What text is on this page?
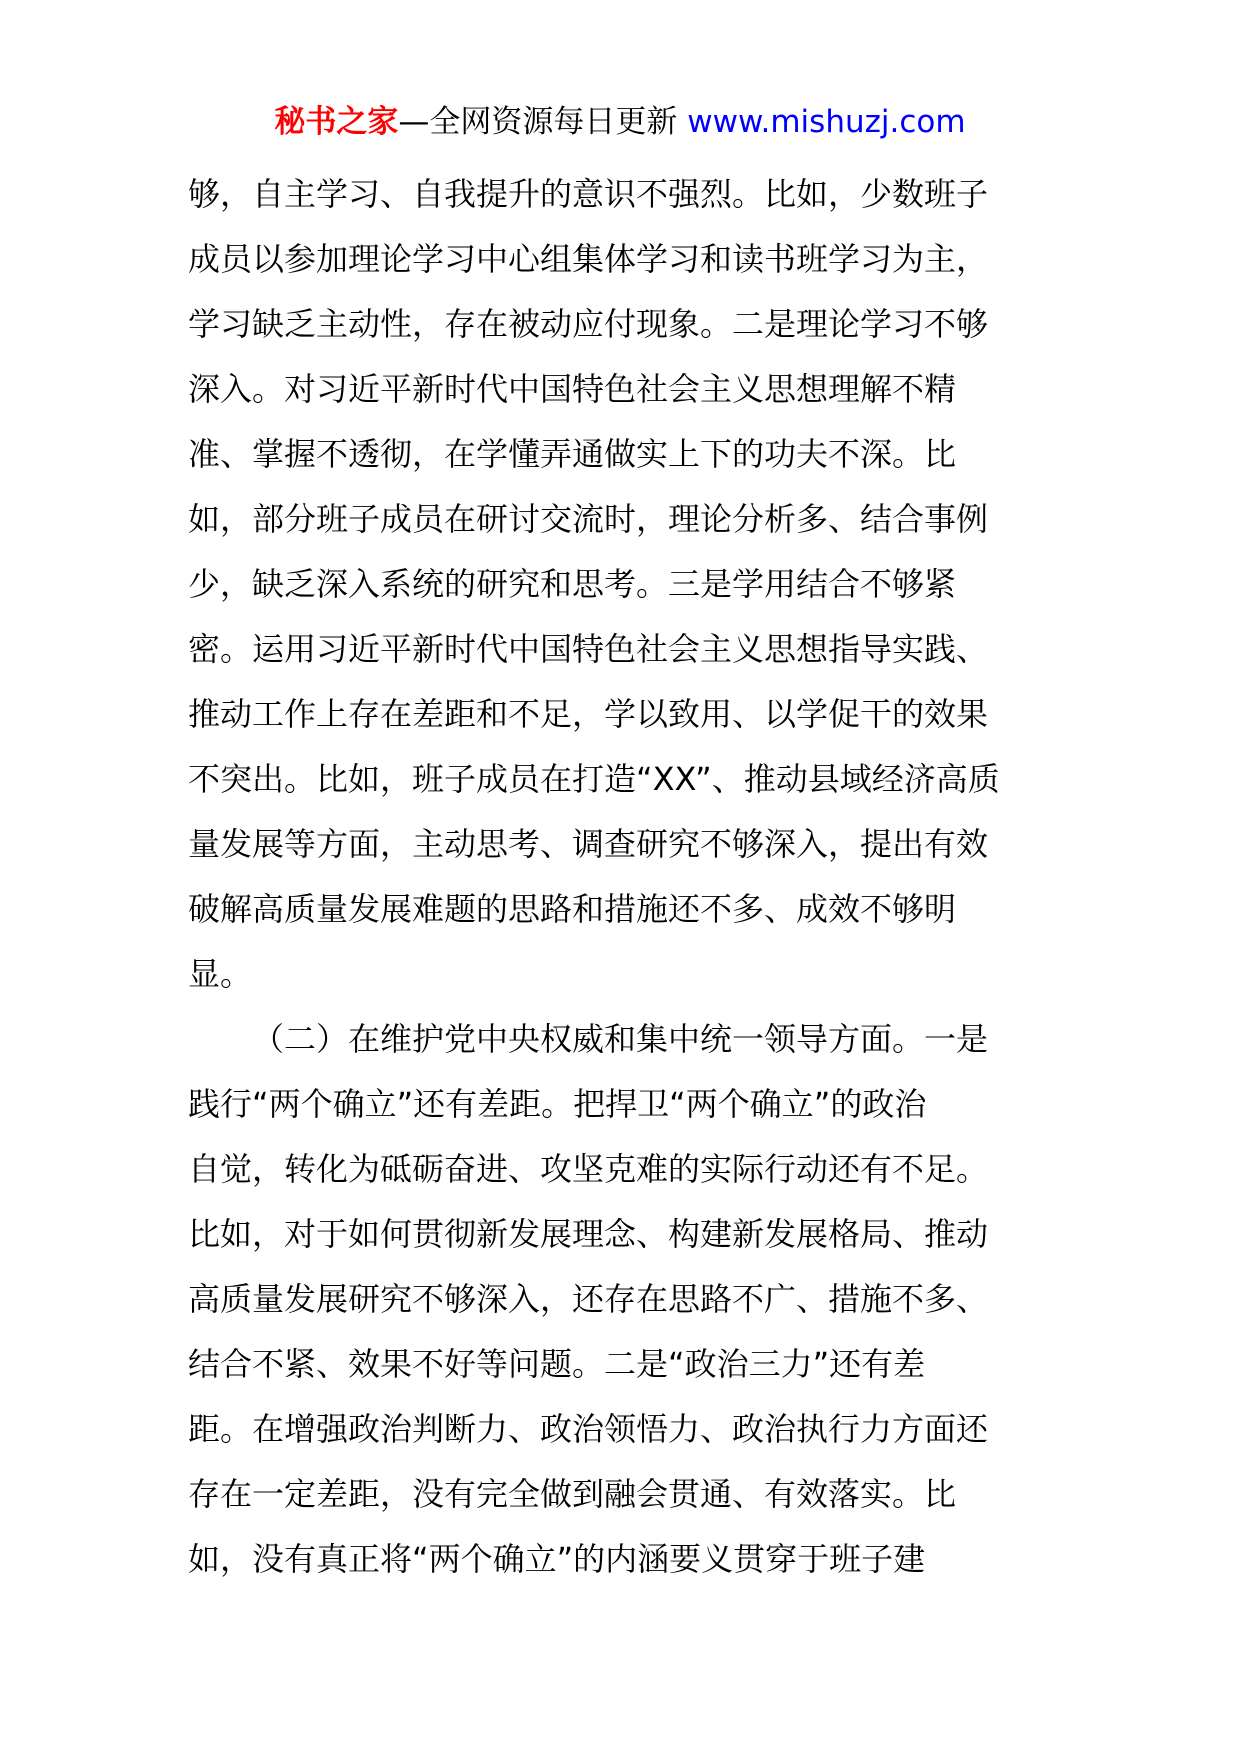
秘书之家—全网资源每日更新 www.mishuzj.com
够，自主学习、自我提升的意识不强烈。比如，少数班子
成员以参加理论学习中心组集体学习和读书班学习为主，
学习缺乏主动性，存在被动应付现象。二是理论学习不够
深入。对习近平新时代中国特色社会主义思想理解不精
准、掌握不透彻，在学懂弄通做实上下的功夫不深。比
如，部分班子成员在研讨交流时，理论分析多、结合事例
少，缺乏深入系统的研究和思考。三是学用结合不够紧
密。运用习近平新时代中国特色社会主义思想指导实践、
推动工作上存在差距和不足，学以致用、以学促干的效果
不突出。比如，班子成员在打造“XX”、推动县域经济高质
量发展等方面，主动思考、调查研究不够深入，提出有效
破解高质量发展难题的思路和措施还不多、成效不够明
显。
（二）在维护党中央权威和集中统一领导方面。一是
践行“两个确立”还有差距。把捍卫“两个确立”的政治
自觉，转化为砥砺奋进、攻坚克难的实际行动还有不足。
比如，对于如何贯彻新发展理念、构建新发展格局、推动
高质量发展研究不够深入，还存在思路不广、措施不多、
结合不紧、效果不好等问题。二是“政治三力”还有差
距。在增强政治判断力、政治领悟力、政治执行力方面还
存在一定差距，没有完全做到融会贯通、有效落实。比
如，没有真正将“两个确立”的内涵要义贯穿于班子建
